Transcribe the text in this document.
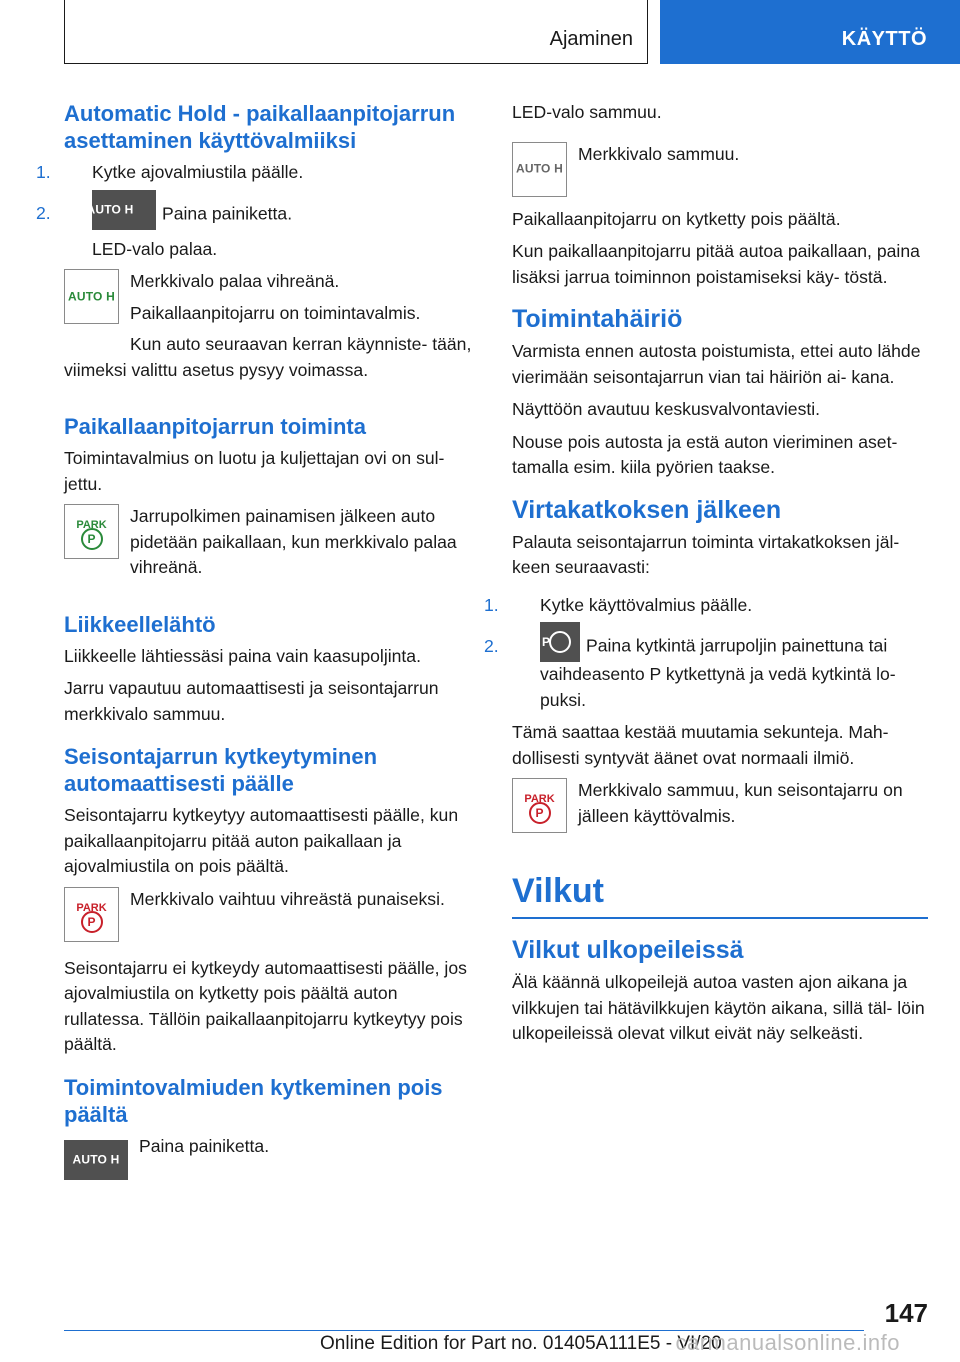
Ajaminen	KÄYTTÖ
Automatic Hold - paikallaanpitojarrun asettaminen käyttövalmiiksi

1. Kytke ajovalmiustila päälle.

2.	AUTO H	Paina painiketta.

LED-valo palaa.

AUTO H

Merkkivalo palaa vihreänä.

Paikallaanpitojarru on toimintavalmis.

Kun auto seuraavan kerran käynniste- tään, viimeksi valittu asetus pysyy voimassa.

Paikallaanpitojarrun toiminta

Toimintavalmius on luotu ja kuljettajan ovi on sul- jettu.

PARK
P

Jarrupolkimen painamisen jälkeen auto pidetään paikallaan, kun merkkivalo palaa vihreänä.

Liikkeellelähtö

Liikkeelle lähtiessäsi paina vain kaasupoljinta.

Jarru vapautuu automaattisesti ja seisontajarrun merkkivalo sammuu.

Seisontajarrun kytkeytyminen automaattisesti päälle

Seisontajarru kytkeytyy automaattisesti päälle, kun paikallaanpitojarru pitää auton paikallaan ja ajovalmiustila on pois päältä.

PARK
P

Merkkivalo vaihtuu vihreästä punaiseksi.

Seisontajarru ei kytkeydy automaattisesti päälle, jos ajovalmiustila on kytketty pois päältä auton rullatessa. Tällöin paikallaanpitojarru kytkeytyy pois päältä.

Toimintovalmiuden kytkeminen pois päältä
AUTO H

Paina painiketta.

LED-valo sammuu.

AUTO H

Merkkivalo sammuu.

Paikallaanpitojarru on kytketty pois päältä.

Kun paikallaanpitojarru pitää autoa paikallaan, paina lisäksi jarrua toiminnon poistamiseksi käy- töstä.

Toimintahäiriö

Varmista ennen autosta poistumista, ettei auto lähde vierimään seisontajarrun vian tai häiriön ai- kana.

Näyttöön avautuu keskusvalvontaviesti.

Nouse pois autosta ja estä auton vieriminen aset- tamalla esim. kiila pyörien taakse.

Virtakatkoksen jälkeen

Palauta seisontajarrun toiminta virtakatkoksen jäl- keen seuraavasti:

1. Kytke käyttövalmius päälle.

2.	P	Paina kytkintä jarrupoljin painettuna tai vaihdeasento P kytkettynä ja vedä kytkintä lo- puksi.

Tämä saattaa kestää muutamia sekunteja. Mah- dollisesti syntyvät äänet ovat normaali ilmiö.

PARK
P

Merkkivalo sammuu, kun seisontajarru on jälleen käyttövalmis.

Vilkut
Vilkut ulkopeileissä

Älä käännä ulkopeilejä autoa vasten ajon aikana ja vilkkujen tai hätävilkkujen käytön aikana, sillä täl- löin ulkopeileissä olevat vilkut eivät näy selkeästi.

147
Online Edition for Part no. 01405A111E5 - VI/20
carmanualsonline.info
